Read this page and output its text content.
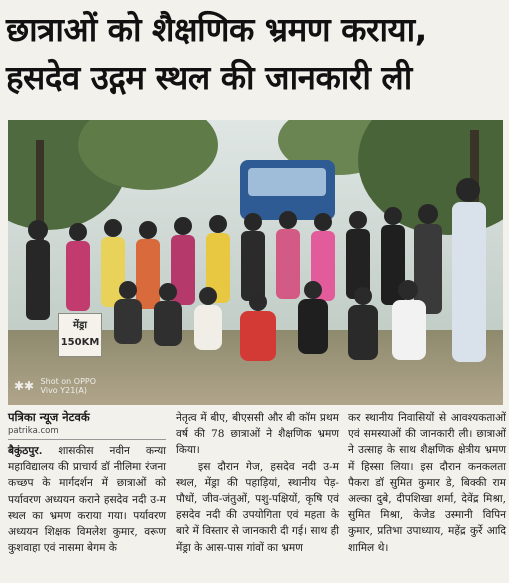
छात्राओं को शैक्षणिक भ्रमण कराया,
हसदेव उद्गम स्थल की जानकारी ली
मेंड्रा
150KM
✱✱ Shot on OPPO
Vivo Y21(A)
पत्रिका न्यूज नेटवर्क
patrika.com

बैकुंठपुर. शासकीस नवीन कन्या महाविद्यालय की प्राचार्य डॉ नीलिमा रंजना कच्छप के मार्गदर्शन में छात्राओं को पर्यावरण अध्ययन कराने हसदेव नदी उ-म स्थल का भ्रमण कराया गया। पर्यावरण अध्ययन शिक्षक विमलेश कुमार, वरूण कुशवाहा एवं नासमा बेगम के

नेतृत्व में बीए, बीएससी और बी कॉम प्रथम वर्ष की 78 छात्राओं ने शैक्षणिक भ्रमण किया।

इस दौरान गेज, हसदेव नदी उ-म स्थल, मेंड्रा की पहाड़ियां, स्थानीय पेड़-पौधों, जीव-जंतुओं, पशु-पक्षियों, कृषि एवं हसदेव नदी की उपयोगिता एवं महता के बारे में विस्तार से जानकारी दी गई। साथ ही मेंड्रा के आस-पास गांवों का भ्रमण

कर स्थानीय निवासियों से आवश्यकताओं एवं समस्याओं की जानकारी ली। छात्राओं ने उत्साह के साथ शैक्षणिक क्षेत्रीय भ्रमण में हिस्सा लिया। इस दौरान कनकलता पैकरा डॉ सुमित कुमार डे, बिक्की राम अल्का दुबे, दीपशिखा शर्मा, देवेंद्र मिश्रा, सुमित मिश्रा, केजेड उस्मानी विपिन कुमार, प्रतिभा उपाध्याय, महेंद्र कुर्रे आदि शामिल थे।
